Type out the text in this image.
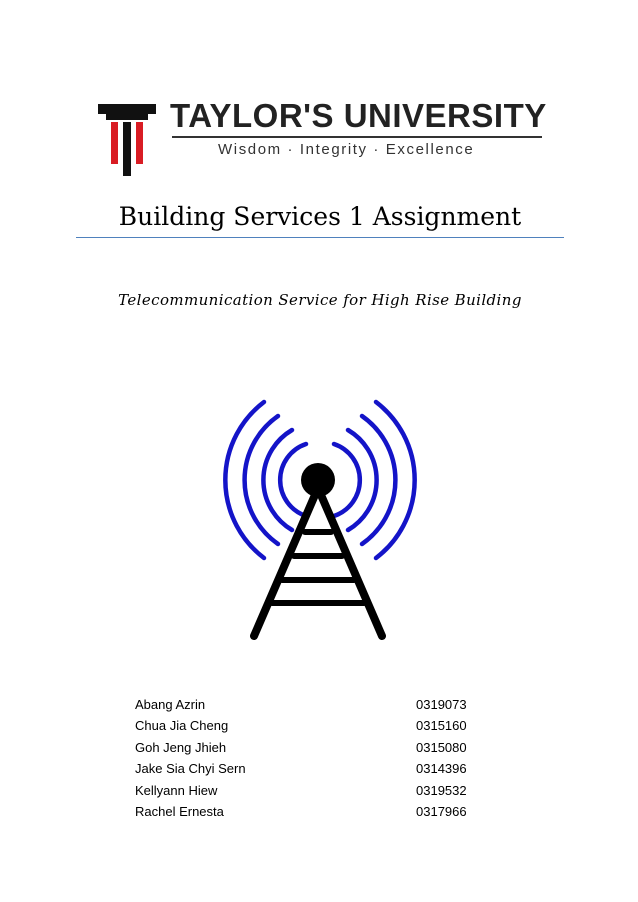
TAYLOR'S UNIVERSITY
Wisdom · Integrity · Excellence
Building Services 1 Assignment
Telecommunication Service for High Rise Building
Abang Azrin	0319073
Chua Jia Cheng	0315160
Goh Jeng Jhieh	0315080
Jake Sia Chyi Sern	0314396
Kellyann Hiew	0319532
Rachel Ernesta	0317966
